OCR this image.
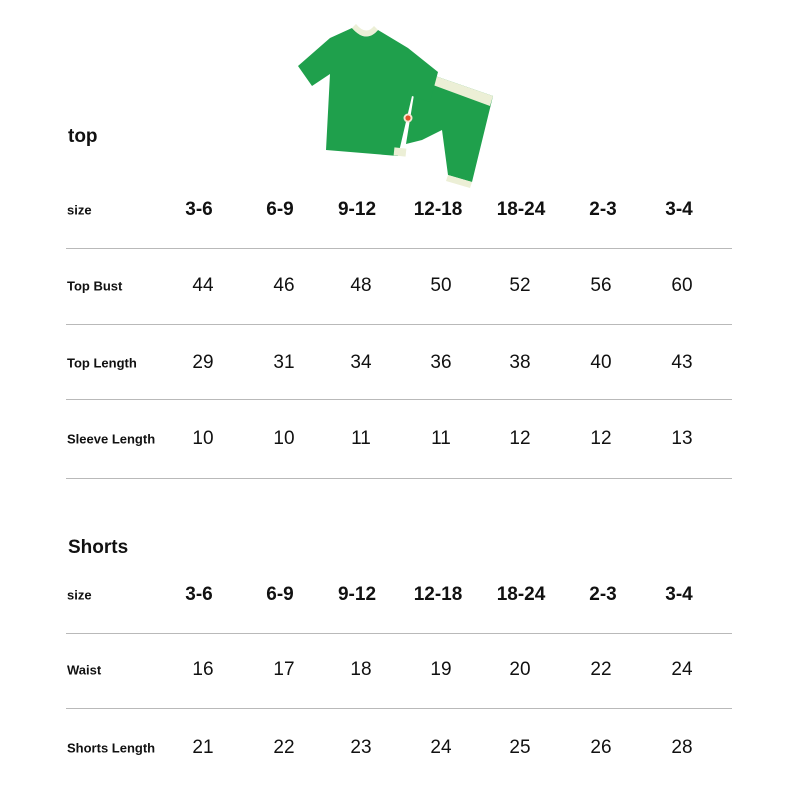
top
size	3-6	6-9	9-12	12-18	18-24	2-3	3-4
Top Bust	44	46	48	50	52	56	60
Top Length	29	31	34	36	38	40	43
Sleeve Length	10	10	11	11	12	12	13
Shorts
size	3-6	6-9	9-12	12-18	18-24	2-3	3-4
Waist	16	17	18	19	20	22	24
Shorts Length	21	22	23	24	25	26	28
